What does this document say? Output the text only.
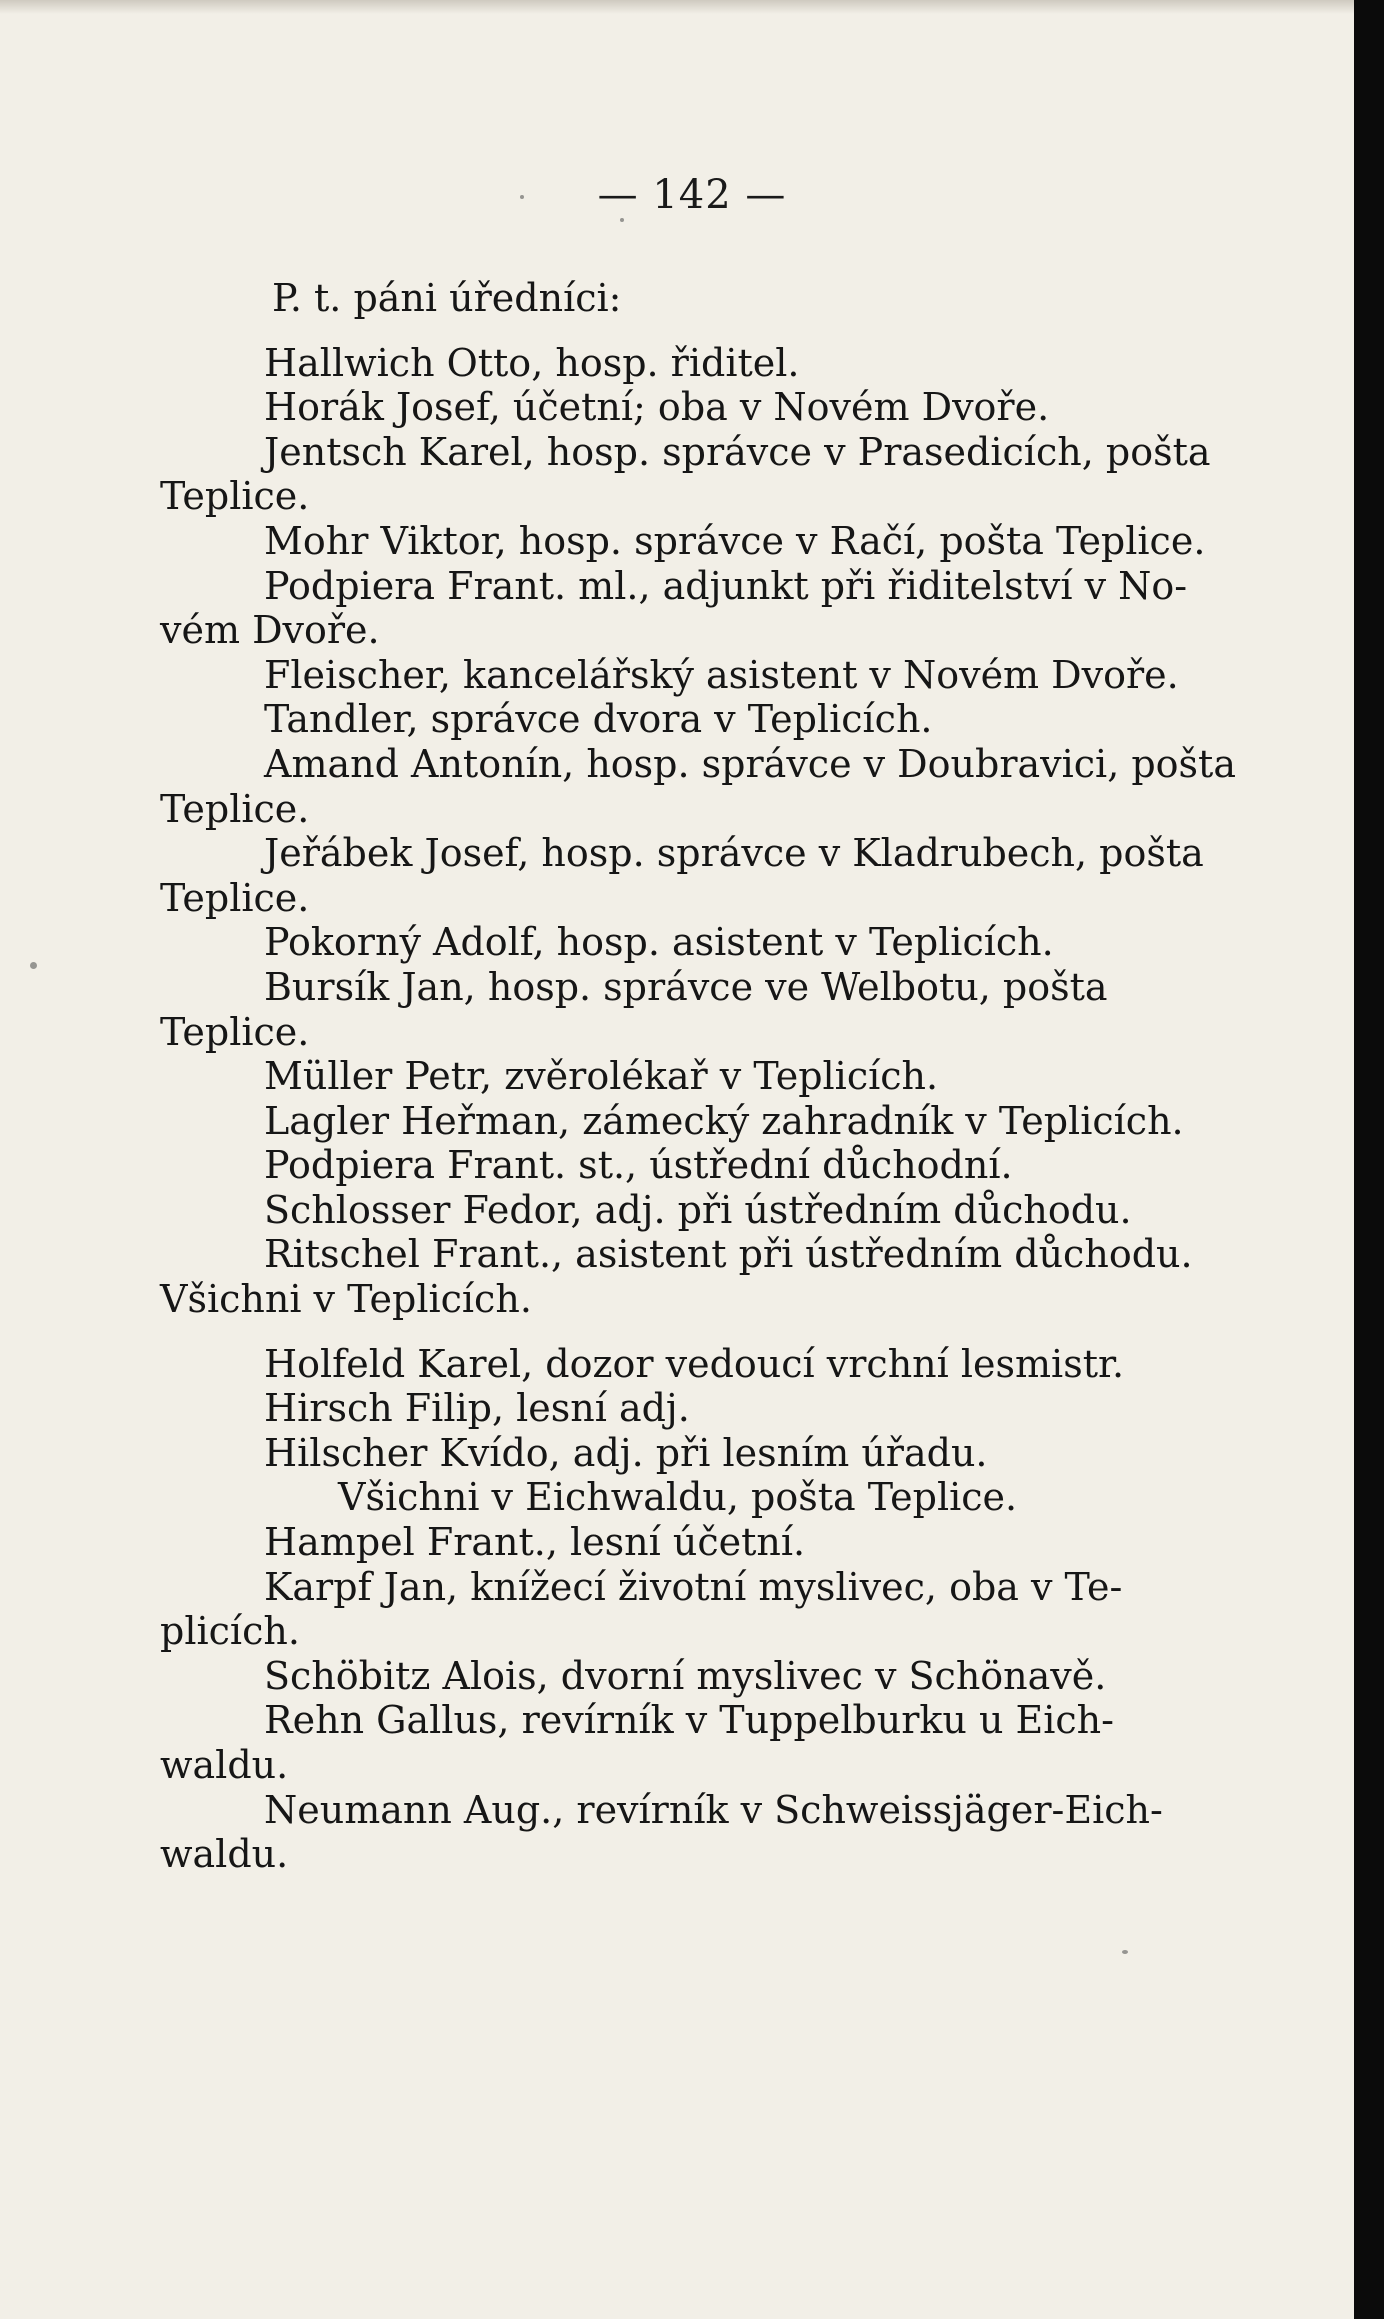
— 142 —
P. t. páni úředníci:
Hallwich Otto, hosp. řiditel.
Horák Josef, účetní; oba v Novém Dvoře.
Jentsch Karel, hosp. správce v Prasedicích, pošta
Teplice.
Mohr Viktor, hosp. správce v Račí, pošta Teplice.
Podpiera Frant. ml., adjunkt při řiditelství v No-
vém Dvoře.
Fleischer, kancelářský asistent v Novém Dvoře.
Tandler, správce dvora v Teplicích.
Amand Antonín, hosp. správce v Doubravici, pošta
Teplice.
Jeřábek Josef, hosp. správce v Kladrubech, pošta
Teplice.
Pokorný Adolf, hosp. asistent v Teplicích.
Bursík Jan, hosp. správce ve Welbotu, pošta
Teplice.
Müller Petr, zvěrolékař v Teplicích.
Lagler Heřman, zámecký zahradník v Teplicích.
Podpiera Frant. st., ústřední důchodní.
Schlosser Fedor, adj. při ústředním důchodu.
Ritschel Frant., asistent při ústředním důchodu.
Všichni v Teplicích.
Holfeld Karel, dozor vedoucí vrchní lesmistr.
Hirsch Filip, lesní adj.
Hilscher Kvído, adj. při lesním úřadu.
Všichni v Eichwaldu, pošta Teplice.
Hampel Frant., lesní účetní.
Karpf Jan, knížecí životní myslivec, oba v Te-
plicích.
Schöbitz Alois, dvorní myslivec v Schönavě.
Rehn Gallus, revírník v Tuppelburku u Eich-
waldu.
Neumann Aug., revírník v Schweissjäger-Eich-
waldu.
